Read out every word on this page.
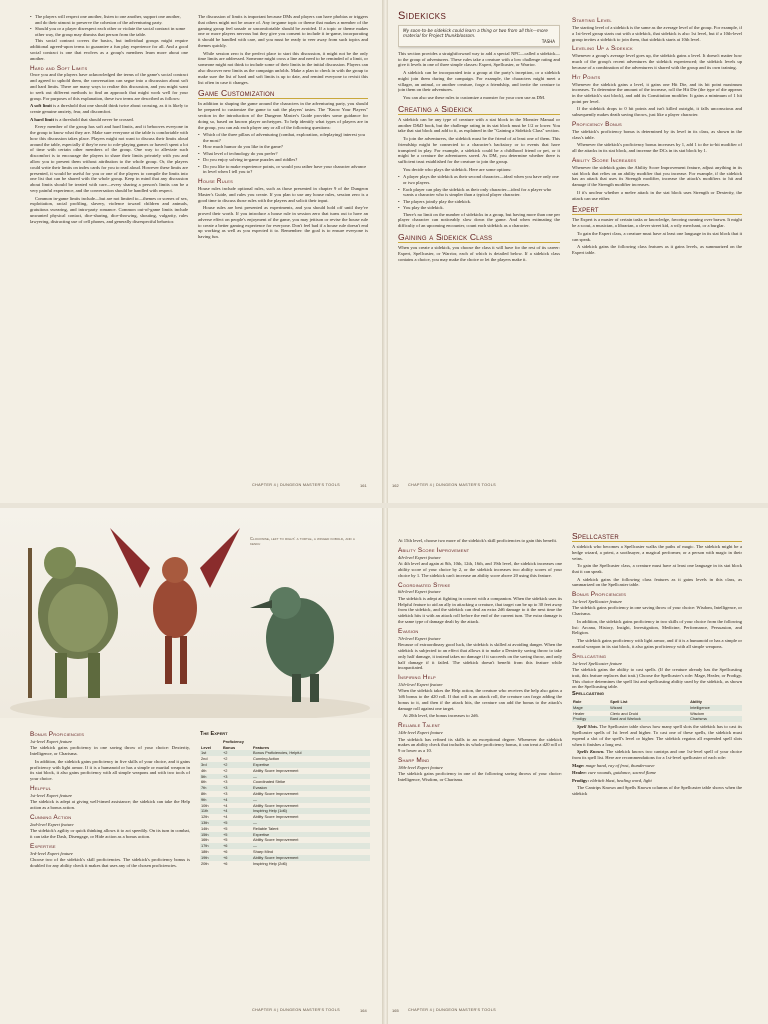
• The players will respect one another, listen to one another, support one another, and do their utmost to preserve the cohesion of the adventuring party.
• Should you or a player disrespect each other or violate the social contract in some other way, the group may dismiss that person from the table.

This social contract covers the basics, but individual groups might require additional agreed-upon terms to guarantee a fun play experience for all. And a good social contract is one that evolves as a group's members learn more about one another.

Hard and Soft Limits

Once you and the players have acknowledged the terms of the game's social contract and agreed to uphold them, the conversation can segue into a discussion about soft and hard limits. There are many ways to realize this discussion, and you might want to seek out different methods to find an approach that might work well for your group. For purposes of this explanation, these two terms are described as follows:

A soft limit is a threshold that one should think twice about crossing, as it is likely to create genuine anxiety, fear, and discomfort.

A hard limit is a threshold that should never be crossed.

Every member of the group has soft and hard limits, and it behooves everyone in the group to know what they are. Make sure everyone at the table is comfortable with how this discussion takes place. Players might not want to discuss their limits aloud around the table, especially if they're new to role-playing games or haven't spent a lot of time with certain other members of the group. One way to alleviate such discomfort is to encourage the players to share their limits privately with you and allow you to present them without attribution to the whole group. Or, the players could write their limits on index cards for you to read aloud. However these limits are presented, it would be useful for you or one of the players to compile the limits into one list that can be shared with the whole group. Keep in mind that any discussion about limits should be treated with care—every sharing a person's limits can be a very painful experience, and the conversation should be handled with respect.

Common in-game limits include—but are not limited to—themes or scenes of sex, exploitation, racial profiling, slavery, violence toward children and animals, gratuitous swearing, and intra-party romance. Common out-of-game limits include unwanted physical contact, dice-sharing, dice-throwing, shouting, vulgarity, rules lawyering, distracting use of cell phones, and generally disrespectful behavior.

The discussion of limits is important because DMs and players can have phobias or triggers that others might not be aware of. Any in-game topic or theme that makes a member of the gaming group feel unsafe or uncomfortable should be avoided. If a topic or theme makes one or more players nervous but they give you consent to include it in-game, incorporating it should be handled with care, and you must be ready to veer away from such topics and themes quickly.

While session zero is the perfect place to start this discussion, it might not be the only time limits are addressed. Someone might cross a line and need to be reminded of a limit, or someone might not think to include some of their limits in the initial discussion. Players can also discover new limits as the campaign unfolds. Make a plan to check in with the group to make sure the list of hard and soft limits is up to date, and remind everyone to revisit this list often in case it changes.

Game Customization

In addition to shaping the game around the characters in the adventuring party, you should be prepared to customize the game to suit the players' tastes. The "Know Your Players" section in the introduction of the Dungeon Master's Guide provides some guidance for doing so, based on known player archetypes. To help identify what types of players are in the group, you can ask each player any or all of the following questions:

• Which of the three pillars of adventuring (combat, exploration, roleplaying) interest you the most?
• How much humor do you like in the game?
• What level of technology do you prefer?
• Do you enjoy solving in-game puzzles and riddles?
• Do you like to make experience points, or would you rather have your character advance in level when I tell you to?
House Rules

House rules include optional rules, such as those presented in chapter 9 of the Dungeon Master's Guide, and rules you create. If you plan to use any house rules, session zero is a good time to discuss those rules with the players and solicit their input.

House rules are best presented as experiments, and you should hold off until they've proved their worth. If you introduce a house rule in session zero that turns out to have an adverse effect on people's enjoyment of the game, you may jettison or revise the house rule to create a better gaming experience for everyone. Don't feel bad if a house rule doesn't end up working as well as you expected it to. Remember: the goal is to ensure everyone is having fun.

CHAPTER 4 | DUNGEON MASTER'S TOOLS	161
Sidekicks
My soon-to-be sidekick could learn a thing or two from all this—more material for Project thunkblossom.
TASHA

This section provides a straightforward way to add a special NPC—called a sidekick—to the group of adventurers. These rules take a creature with a low challenge rating and give it levels in one of three simple classes: Expert, Spellcaster, or Warrior.

A sidekick can be incorporated into a group at the party's inception, or a sidekick might join them during the campaign. For example, the characters might meet a villager, an animal, or another creature, forge a friendship, and invite the creature to join them on their adventures.

You can also use these rules to customize a monster for your own use as DM.

Creating a Sidekick

A sidekick can be any type of creature with a stat block in the Monster Manual or another D&D book, but the challenge rating in its stat block must be 1/2 or lower. You take that stat block and add to it, as explained in the "Gaining a Sidekick Class" section.

To join the adventurers, the sidekick must be the friend of at least one of them. This friendship might be connected to a character's backstory or to events that have transpired in play. For example, a sidekick could be a childhood friend or pet, or it might be a creature the adventurers saved. As DM, you determine whether there is sufficient trust established for the creature to join the group.

You decide who plays the sidekick. Here are some options:

• A player plays the sidekick as their second character—ideal when you have only one or two players.
• Each player can play the sidekick as their only character—ideal for a player who wants a character who is simpler than a typical player character.
• The players jointly play the sidekick.
• You play the sidekick.

There's no limit on the number of sidekicks in a group, but having more than one per player character can noticeably slow down the game. And when estimating the difficulty of an upcoming encounter, count each sidekick as a character.

Gaining a Sidekick Class

When you create a sidekick, you choose the class it will have for the rest of its career: Expert, Spellcaster, or Warrior, each of which is detailed below. If a sidekick class contains a choice, you may make the choice or let the players make it.

Starting Level

The starting level of a sidekick is the same as the average level of the group. For example, if a 1st-level group starts out with a sidekick, that sidekick is also 1st level, but if a 10th-level group invites a sidekick to join them, that sidekick starts at 10th level.

Leveling Up a Sidekick

Whenever a group's average level goes up, the sidekick gains a level. It doesn't matter how much of the group's recent adventures the sidekick experienced; the sidekick levels up because of a combination of the adventurers it shared with the group and its own training.

Hit Points

Whenever the sidekick gains a level, it gains one Hit Die, and its hit point maximum increases. To determine the amount of the increase, roll the Hit Die (the type of die appears in the sidekick's stat block), and add its Constitution modifier. It gains a minimum of 1 hit point per level.

If the sidekick drops to 0 hit points and isn't killed outright, it falls unconscious and subsequently makes death saving throws, just like a player character.

Proficiency Bonus

The sidekick's proficiency bonus is determined by its level in its class, as shown in the class's table.

Whenever the sidekick's proficiency bonus increases by 1, add 1 to the to-hit modifier of all the attacks in its stat block, and increase the DCs in its stat block by 1.

Ability Score Increases

Whenever the sidekick gains the Ability Score Improvement feature, adjust anything in its stat block that relies on an ability modifier that you increase. For example, if the sidekick has an attack that uses its Strength modifier, increase the attack's modifiers to hit and damage if the Strength modifier increases.

If it's unclear whether a melee attack in the stat block uses Strength or Dexterity, the attack can use either.

Expert

The Expert is a master of certain tasks or knowledge, favoring cunning over brawn. It might be a scout, a musician, a librarian, a clever street kid, a wily merchant, or a burglar.

To gain the Expert class, a creature must have at least one language in its stat block that it can speak.

A sidekick gains the following class features as it gains levels, as summarized on the Expert table.

162 CHAPTER 4 | DUNGEON MASTER'S TOOLS
Clockwise, left to right: a tortle, a winged kobold, and a kenku
Bonus Proficiencies
1st-level Expert feature

The sidekick gains proficiency in one saving throw of your choice: Dexterity, Intelligence, or Charisma.

In addition, the sidekick gains proficiency in five skills of your choice, and it gains proficiency with light armor. If it is a humanoid or has a simple or martial weapon in its stat block, it also gains proficiency with all simple weapons and with two tools of your choice.

Helpful
1st-level Expert feature

The sidekick is adept at giving well-timed assistance; the sidekick can take the Help action as a bonus action.

Cunning Action
2nd-level Expert feature

The sidekick's agility or quick thinking allows it to act speedily. On its turn in combat, it can take the Dash, Disengage, or Hide action as a bonus action.

Expertise
3rd-level Expert feature

Choose two of the sidekick's skill proficiencies. The sidekick's proficiency bonus is doubled for any ability check it makes that uses any of the chosen proficiencies.

The Expert
Level	Proficiency Bonus	Features
1st	+2	Bonus Proficiencies, Helpful
2nd	+2	Cunning Action
3rd	+2	Expertise
4th	+2	Ability Score Improvement
5th	+3	—
6th	+3	Coordinated Strike
7th	+3	Evasion
8th	+3	Ability Score Improvement
9th	+4	—
10th	+4	Ability Score Improvement
11th	+4	Inspiring Help (1d6)
12th	+4	Ability Score Improvement
13th	+5	—
14th	+5	Reliable Talent
15th	+5	Expertise
16th	+5	Ability Score Improvement
17th	+6	—
18th	+6	Sharp Mind
19th	+6	Ability Score Improvement
20th	+6	Inspiring Help (2d6)
CHAPTER 4 | DUNGEON MASTER'S TOOLS	164

At 15th level, choose two more of the sidekick's skill proficiencies to gain this benefit.

Ability Score Improvement
4th-level Expert feature

At 4th level and again at 8th, 10th, 12th, 16th, and 19th level, the sidekick increases one ability score of your choice by 2, or the sidekick increases two ability scores of your choice by 1. The sidekick can't increase an ability score above 20 using this feature.

Coordinated Strike
6th-level Expert feature

The sidekick is adept at fighting in concert with a companion. When the sidekick uses its Helpful feature to aid an ally in attacking a creature, that target can be up to 30 feet away from the sidekick, and the sidekick can deal an extra 2d6 damage to it the next time the sidekick hits it with an attack roll before the end of the current turn. The extra damage is the same type of damage dealt by the attack.

Evasion
7th-level Expert feature

Because of extraordinary good luck, the sidekick is skilled at avoiding danger. When the sidekick is subjected to an effect that allows it to make a Dexterity saving throw to take only half damage, it instead takes no damage if it succeeds on the saving throw, and only half damage if it failed. The sidekick doesn't benefit from this feature while incapacitated.

Inspiring Help
11th-level Expert feature

When the sidekick takes the Help action, the creature who receives the help also gains a 1d6 bonus to the d20 roll. If that roll is an attack roll, the creature can forgo adding the bonus to it, and then if the attack hits, the creature can add the bonus to the attack's damage roll against one target.

At 20th level, the bonus increases to 2d6.

Reliable Talent
14th-level Expert feature

The sidekick has refined its skills to an exceptional degree. Whenever the sidekick makes an ability check that includes its whole proficiency bonus, it can treat a d20 roll of 9 or lower as a 10.

Sharp Mind
18th-level Expert feature

The sidekick gains proficiency in one of the following saving throws of your choice: Intelligence, Wisdom, or Charisma.

Spellcaster

A sidekick who becomes a Spellcaster walks the paths of magic. The sidekick might be a hedge wizard, a priest, a soothsayer, a magical performer, or a person with magic in their veins.

To gain the Spellcaster class, a creature must have at least one language in its stat block that it can speak.

A sidekick gains the following class features as it gains levels in this class, as summarized on the Spellcaster table.

Bonus Proficiencies
1st-level Spellcaster feature

The sidekick gains proficiency in one saving throw of your choice: Wisdom, Intelligence, or Charisma.

In addition, the sidekick gains proficiency in two skills of your choice from the following list: Arcana, History, Insight, Investigation, Medicine, Performance, Persuasion, and Religion.

The sidekick gains proficiency with light armor, and if it is a humanoid or has a simple or martial weapon in its stat block, it also gains proficiency with all simple weapons.

Spellcasting
1st-level Spellcaster feature

The sidekick gains the ability to cast spells. (If the creature already has the Spellcasting trait, this feature replaces that trait.) Choose the Spellcaster's role: Mage, Healer, or Prodigy. This choice determines the spell list and spellcasting ability used by the sidekick, as shown on the Spellcasting table.

Spellcasting
Role	Spell List	Ability
Mage	Wizard	Intelligence
Healer	Cleric and Druid	Wisdom
Prodigy	Bard and Warlock	Charisma

Spell Slots. The Spellcaster table shows how many spell slots the sidekick has to cast its Spellcaster spells of 1st level and higher. To cast one of these spells, the sidekick must expend a slot of the spell's level or higher. The sidekick regains all expended spell slots when it finishes a long rest.

Spells Known. The sidekick knows two cantrips and one 1st-level spell of your choice from its spell list. Here are recommendations for a 1st-level spellcaster of each role:

Mage: mage hand, ray of frost, thunderwave

Healer: cure wounds, guidance, sacred flame

Prodigy: eldritch blast, healing word, light

The Cantrips Known and Spells Known columns of the Spellcaster table shows when the sidekick

165 CHAPTER 4 | DUNGEON MASTER'S TOOLS
